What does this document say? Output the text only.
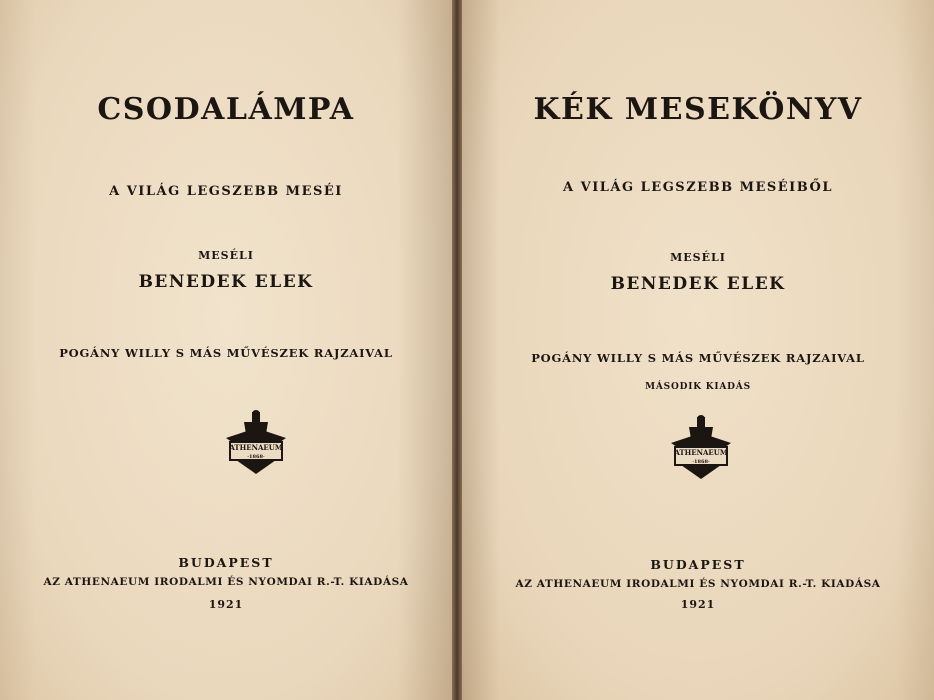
CSODALÁMPA
A VILÁG LEGSZEBB MESÉI
MESÉLI
BENEDEK ELEK
POGÁNY WILLY S MÁS MŰVÉSZEK RAJZAIVAL
ATHENAEUM
·1868·
BUDAPEST
AZ ATHENAEUM IRODALMI ÉS NYOMDAI R.-T. KIADÁSA
1921
KÉK MESEKÖNYV
A VILÁG LEGSZEBB MESÉIBŐL
MESÉLI
BENEDEK ELEK
POGÁNY WILLY S MÁS MŰVÉSZEK RAJZAIVAL
MÁSODIK KIADÁS
ATHENAEUM
·1868·
BUDAPEST
AZ ATHENAEUM IRODALMI ÉS NYOMDAI R.-T. KIADÁSA
1921
